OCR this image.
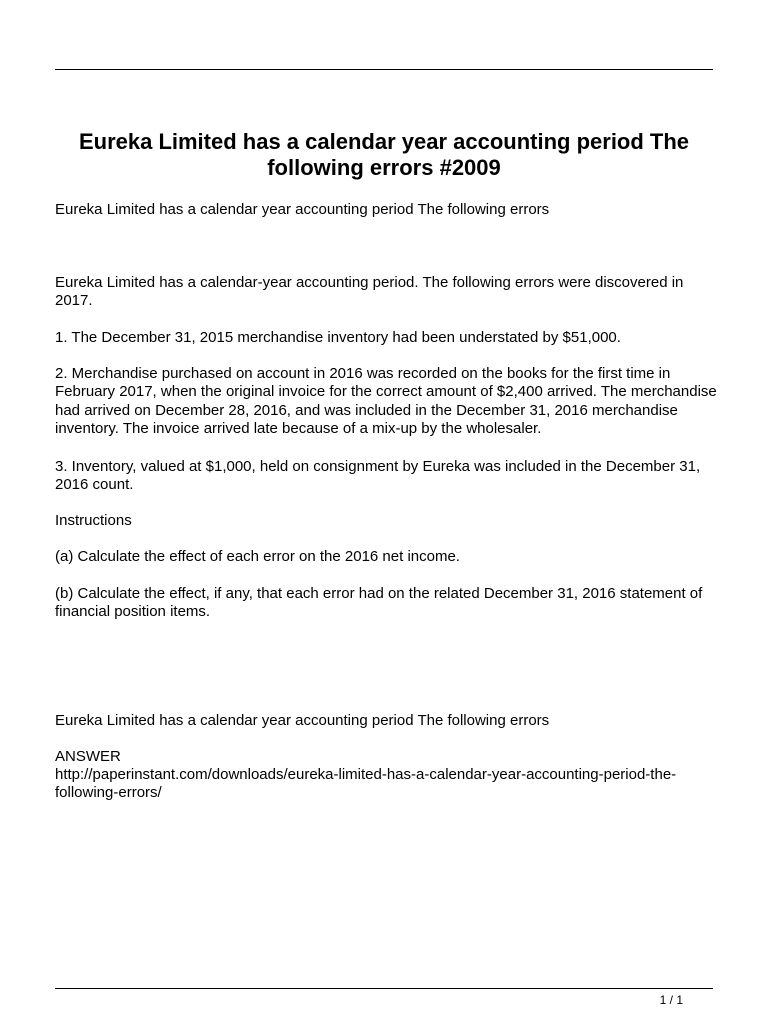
Eureka Limited has a calendar year accounting period The following errors #2009

Eureka Limited has a calendar year accounting period The following errors

Eureka Limited has a calendar-year accounting period. The following errors were discovered in 2017.

1. The December 31, 2015 merchandise inventory had been understated by $51,000.

2. Merchandise purchased on account in 2016 was recorded on the books for the first time in February 2017, when the original invoice for the correct amount of $2,400 arrived. The merchandise had arrived on December 28, 2016, and was included in the December 31, 2016 merchandise inventory. The invoice arrived late because of a mix-up by the wholesaler.

3. Inventory, valued at $1,000, held on consignment by Eureka was included in the December 31, 2016 count.

Instructions

(a) Calculate the effect of each error on the 2016 net income.

(b) Calculate the effect, if any, that each error had on the related December 31, 2016 statement of financial position items.

Eureka Limited has a calendar year accounting period The following errors

ANSWER

http://paperinstant.com/downloads/eureka-limited-has-a-calendar-year-accounting-period-the-following-errors/

1 / 1
